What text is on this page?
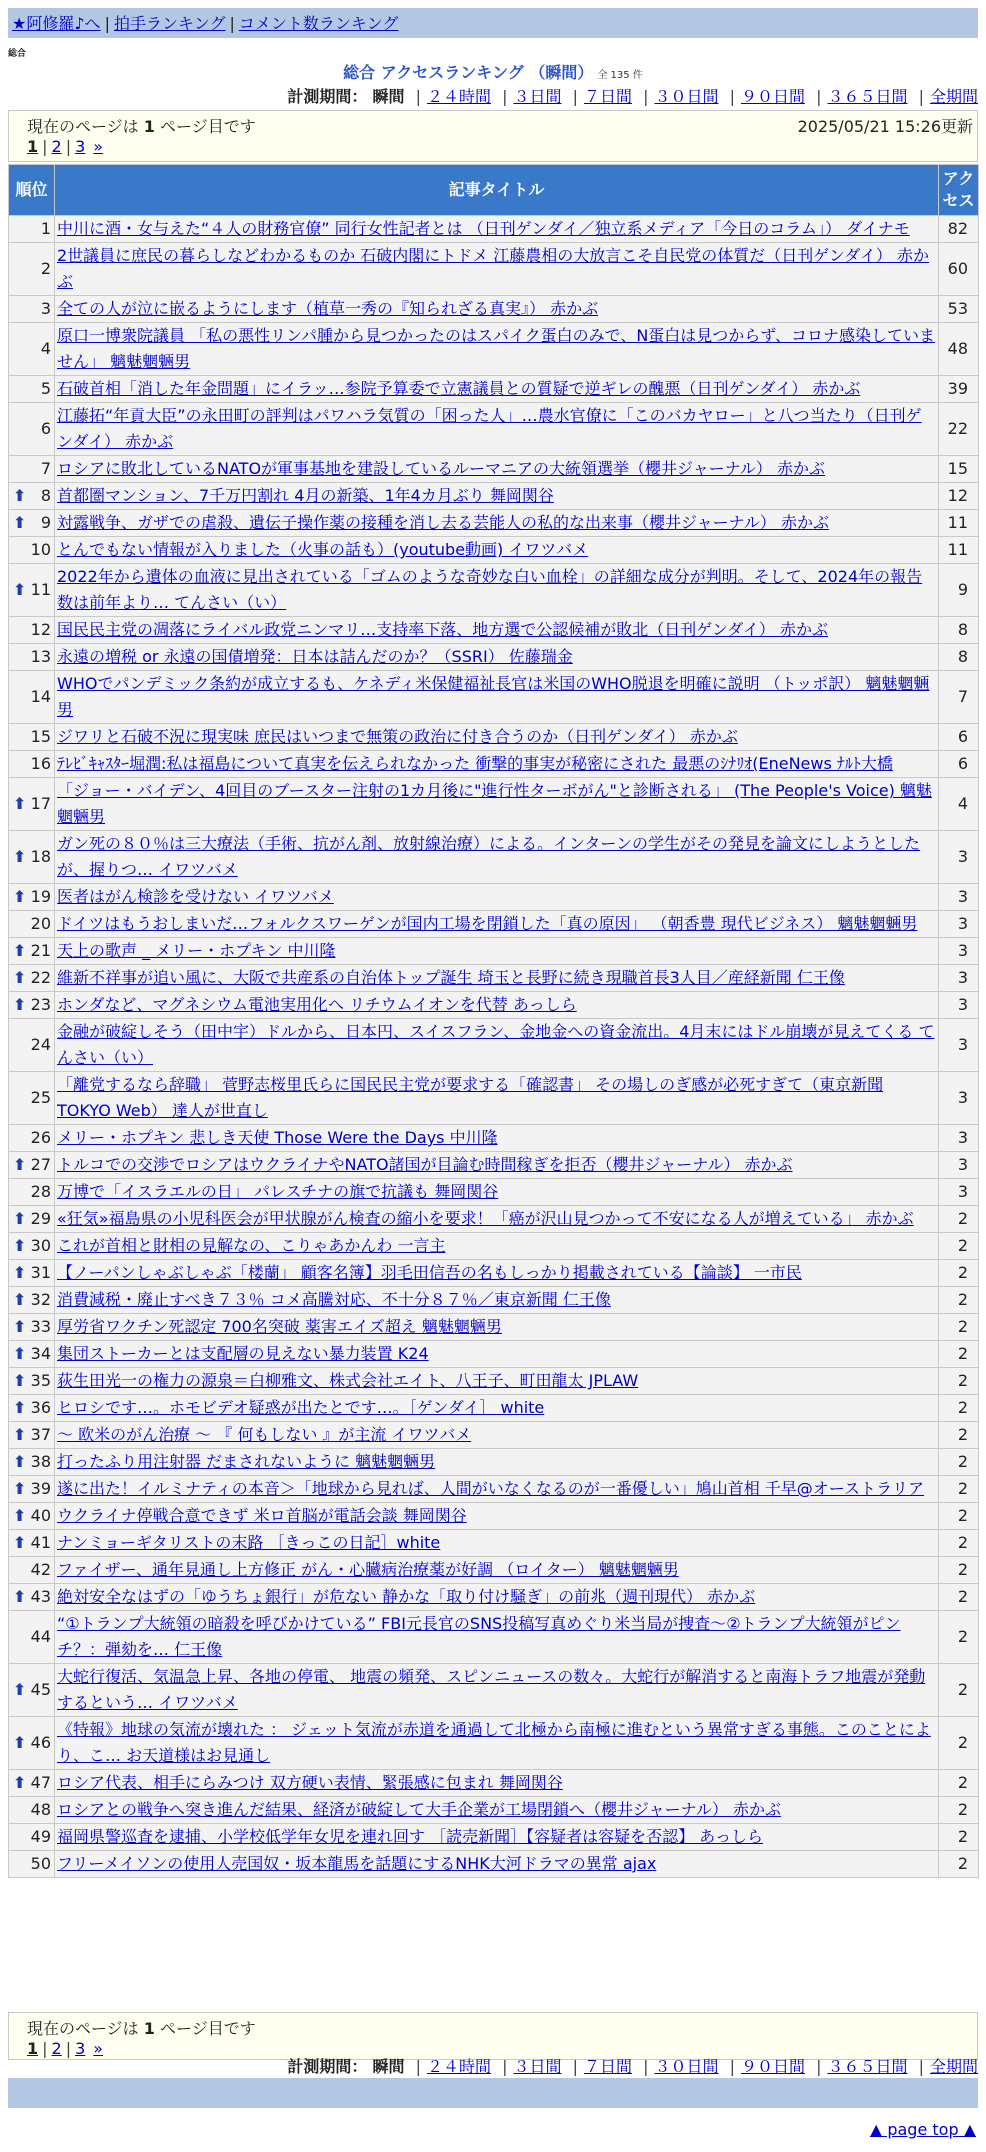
★阿修羅♪へ | 拍手ランキング | コメント数ランキング
総合
総合 アクセスランキング （瞬間） 全 135 件
計測期間： 瞬間 | ２４時間 | ３日間 | ７日間 | ３０日間 | ９０日間 | ３６５日間 | 全期間
現在のページは 1 ページ目です	2025/05/21 15:26更新
1 | 2 | 3 »
順位	記事タイトル	アクセス
1	中川に酒・女与えた“４人の財務官僚” 同行女性記者とは （日刊ゲンダイ／独立系メディア「今日のコラム」） ダイナモ	82
2	2世議員に庶民の暮らしなどわかるものか 石破内閣にトドメ 江藤農相の大放言こそ自民党の体質だ（日刊ゲンダイ） 赤かぶ	60
3	全ての人が泣に嵌るようにします（植草一秀の『知られざる真実』） 赤かぶ	53
4	原口一博衆院議員 「私の悪性リンパ腫から見つかったのはスパイク蛋白のみで、N蛋白は見つからず、コロナ感染していません」 魑魅魍魎男	48
5	石破首相「消した年金問題」にイラッ…参院予算委で立憲議員との質疑で逆ギレの醜悪（日刊ゲンダイ） 赤かぶ	39
6	江藤拓“年貢大臣”の永田町の評判はパワハラ気質の「困った人」…農水官僚に「このバカヤロー」と八つ当たり（日刊ゲンダイ） 赤かぶ	22
7	ロシアに敗北しているNATOが軍事基地を建設しているルーマニアの大統領選挙（櫻井ジャーナル） 赤かぶ	15

⬆ 8	首都圏マンション、7千万円割れ 4月の新築、1年4カ月ぶり 舞岡関谷	12

⬆ 9	対露戦争、ガザでの虐殺、遺伝子操作薬の接種を消し去る芸能人の私的な出来事（櫻井ジャーナル） 赤かぶ	11
10	とんでもない情報が入りました（火事の話も）(youtube動画) イワツバメ	11

⬆ 11	2022年から遺体の血液に見出されている「ゴムのような奇妙な白い血栓」の詳細な成分が判明。そして、2024年の報告数は前年より… てんさい（い）	9
12	国民民主党の凋落にライバル政党ニンマリ…支持率下落、地方選で公認候補が敗北（日刊ゲンダイ） 赤かぶ	8
13	永遠の増税 or 永遠の国債増発：日本は詰んだのか？（SSRI） 佐藤瑞金	8
14	WHOでパンデミック条約が成立するも、ケネディ米保健福祉長官は米国のWHO脱退を明確に説明 （トッポ訳） 魑魅魍魎男	7
15	ジワリと石破不況に現実味 庶民はいつまで無策の政治に付き合うのか（日刊ゲンダイ） 赤かぶ	6
16	ﾃﾚﾋﾞｷｬｽﾀｰ堀潤:私は福島について真実を伝えられなかった 衝撃的事実が秘密にされた 最悪のｼﾅﾘｵ(EneNews ﾅﾙﾄ大橋	6

⬆ 17	「ジョー・バイデン、4回目のブースター注射の1カ月後に"進行性ターボがん"と診断される」 (The People's Voice) 魑魅魍魎男	4

⬆ 18	ガン死の８０％は三大療法（手術、抗がん剤、放射線治療）による。インターンの学生がその発見を論文にしようとしたが、握りつ… イワツバメ	3

⬆ 19	医者はがん検診を受けない イワツバメ	3
20	ドイツはもうおしまいだ…フォルクスワーゲンが国内工場を閉鎖した「真の原因」 （朝香豊 現代ビジネス） 魑魅魍魎男	3

⬆ 21	天上の歌声 _ メリー・ホプキン 中川隆	3

⬆ 22	維新不祥事が追い風に、大阪で共産系の自治体トップ誕生 埼玉と長野に続き現職首長3人目／産経新聞 仁王像	3

⬆ 23	ホンダなど、マグネシウム電池実用化へ リチウムイオンを代替 あっしら	3
24	金融が破綻しそう（田中宇）ドルから、日本円、スイスフラン、金地金への資金流出。4月末にはドル崩壊が見えてくる てんさい（い）	3
25	「離党するなら辞職」 菅野志桜里氏らに国民民主党が要求する「確認書」 その場しのぎ感が必死すぎて（東京新聞 TOKYO Web） 達人が世直し	3
26	メリー・ホプキン 悲しき天使 Those Were the Days 中川隆	3

⬆ 27	トルコでの交渉でロシアはウクライナやNATO諸国が目論む時間稼ぎを拒否（櫻井ジャーナル） 赤かぶ	3
28	万博で「イスラエルの日」 パレスチナの旗で抗議も 舞岡関谷	3

⬆ 29	«狂気»福島県の小児科医会が甲状腺がん検査の縮小を要求！「癌が沢山見つかって不安になる人が増えている」 赤かぶ	2

⬆ 30	これが首相と財相の見解なの、こりゃあかんわ 一言主	2

⬆ 31	【ノーパンしゃぶしゃぶ「楼蘭」 顧客名簿】羽毛田信吾の名もしっかり掲載されている【論談】 一市民	2

⬆ 32	消費減税・廃止すべき７３％ コメ高騰対応、不十分８７％／東京新聞 仁王像	2

⬆ 33	厚労省ワクチン死認定 700名突破 薬害エイズ超え 魑魅魍魎男	2

⬆ 34	集団ストーカーとは支配層の見えない暴力装置 K24	2

⬆ 35	荻生田光一の権力の源泉＝白柳雅文、株式会社エイト、八王子、町田龍太 JPLAW	2

⬆ 36	ヒロシです…。ホモビデオ疑惑が出たとです…。［ゲンダイ］ white	2

⬆ 37	～ 欧米のがん治療 ～ 『 何もしない 』が主流 イワツバメ	2

⬆ 38	打ったふり用注射器 だまされないように 魑魅魍魎男	2

⬆ 39	遂に出た！イルミナティの本音＞「地球から見れば、人間がいなくなるのが一番優しい」鳩山首相 千早@オーストラリア	2

⬆ 40	ウクライナ停戦合意できず 米ロ首脳が電話会談 舞岡関谷	2

⬆ 41	ナンミョーギタリストの末路 ［きっこの日記］white	2
42	ファイザー、通年見通し上方修正 がん・心臓病治療薬が好調 （ロイター） 魑魅魍魎男	2

⬆ 43	絶対安全なはずの「ゆうちょ銀行」が危ない 静かな「取り付け騒ぎ」の前兆（週刊現代） 赤かぶ	2
44	“①トランプ大統領の暗殺を呼びかけている” FBI元長官のSNS投稿写真めぐり米当局が捜査～②トランプ大統領がピンチ？：弾劾を… 仁王像	2

⬆ 45	大蛇行復活、気温急上昇、各地の停電、 地震の頻発、スピンニュースの数々。大蛇行が解消すると南海トラフ地震が発動するという… イワツバメ	2

⬆ 46	《特報》地球の気流が壊れた ： ジェット気流が赤道を通過して北極から南極に進むという異常すぎる事態。このことにより、こ… お天道様はお見通し	2

⬆ 47	ロシア代表、相手にらみつけ 双方硬い表情、緊張感に包まれ 舞岡関谷	2
48	ロシアとの戦争へ突き進んだ結果、経済が破綻して大手企業が工場閉鎖へ（櫻井ジャーナル） 赤かぶ	2
49	福岡県警巡査を逮捕、小学校低学年女児を連れ回す ［読売新聞］【容疑者は容疑を否認】 あっしら	2
50	フリーメイソンの使用人売国奴・坂本龍馬を話題にするNHK大河ドラマの異常 ajax	2
現在のページは 1 ページ目です
1 | 2 | 3 »
計測期間： 瞬間 | ２４時間 | ３日間 | ７日間 | ３０日間 | ９０日間 | ３６５日間 | 全期間
▲ page top ▲
